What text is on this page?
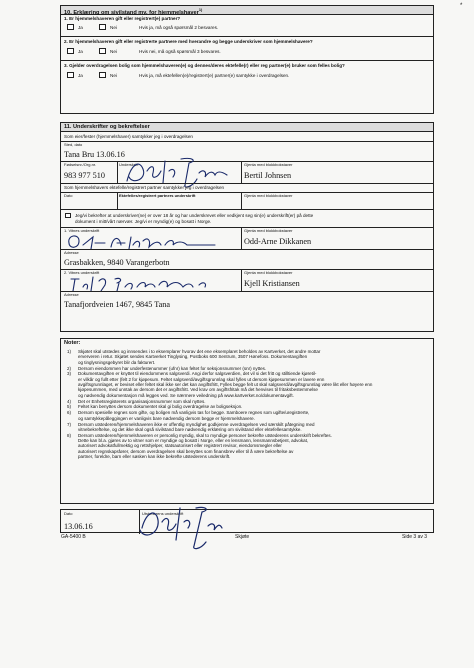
*
10. Erklæring om sivilstand mv. for hjemmelshaver$^{1)}$
1. Er hjemmelshaveren gift eller registrert(e) partner?
Ja	Nei	Hvis ja, må også spørsmål 2 besvares.
2. Er hjemmelshaveren gift eller registrerte partnere med hverandre og begge underskriver som hjemmelshavere?
Ja	Nei	Hvis nei, må også spørsmål 3 besvares.
3. Gjelder overdragelsen bolig som hjemmelshaveren(e) og dennes/deres ektefelle(r) eller reg partner(e) bruker som felles bolig?
Ja	Nei	Hvis ja, må ektefellen(e)/registrert(e) partner(e) samtykke i overdragelsen.
11. Underskrifter og bekreftelser
Som eier/fester (hjemmelshaver) samtykker jeg i overdragelsen
Sted, dato
Tana Bru 13.06.16
Fødselsnr./Org.nr.
983 977 510
Underskrift	Gjenta med blokkbokstaver
Bertil Johnsen
Som hjemmelshavers ektefelle/registrert partner samtykker jeg i overdragelsen
Dato	Ektefelles/registrert partners underskrift	Gjenta med blokkbokstaver
Jeg/vi bekrefter at underskriver(ne) er over 18 år og har underskrevet eller vedkjent seg sin(e) underskrift(er) på dette
dokument i mitt/vårt nærvær. Jeg/vi er myndig(e) og bosatt i Norge.
1. Vitnes underskrift	Gjenta med blokkbokstaver
Odd-Arne Dikkanen
Adresse
Grasbakken, 9840 Varangerbotn
2. Vitnes underskrift	Gjenta med blokkbokstaver
Kjell Kristiansen
Adresse
Tanafjordveien 1467, 9845 Tana
Noter:
1) Skjøtet skal utstedes og innsendes i to eksemplarer hvorav det ene eksemplaret beholdes av Kartverket, det andre mottar
erververen i retur. Skjøtet sendes Kartverket Tinglysing, Postboks 600 Sentrum, 3507 Hønefoss. Dokumentavgiften
og tinglysningsgebyret blir da fakturert.
2) Dersom eiendommen har underfestenummer (ufnr) kan feltet for seksjonsnummer (snr) nyttes.
3) Dokumentavgiften er knyttet til eiendommens salgsverdi. Angi derfor salgsverdien, det vil si det fritt og stilltiende kjøretil-
er vilkår og fullt etter (felt 2 for kjøpesum. Feltet salgsverdi/avgiftsgrunnlag skal fylles ut dersom kjøpesummen er lavere enn
avgiftsgrunnlaget, er beviset eller feltet skal ikke ser det kan avgiftsfritt, Fylles begge felt ut skal salgsverdi/avgiftsgrunnlag være likt eller høyere enn
kjøpesummen, med unntak av dersom det er avgiftsfritt. Ved krav om avgiftsfritak må det henvises til fritaksbestemmelse
og nødvendig dokumentasjon må legges ved. Se nærmere veiledning på www.kartverket.no/dokumentavgift.
4) Det er Enhetsregisterets organisasjonsnummer som skal nyttes.
5) Feltet kan benyttes dersom dokumentet skal gi bolig overdragelse av boligseksjon.
6) Dersom spesielle regnes som gifte, og boligen må vanligvis tas for begge. Samboere regnes som ugifte/uregistrerte,
og samtykkepåleggingen er vanligvis bare nødvendig dersom begge er hjemmelshavere.
7) Dersom utstederen/hjemmelshaveren ikke er offentlig myndighet godkjenne overdragelsen ved særskilt påtegning med
vitnebekreftelse, og det ikke skal også sivilstand bare nødvendig erklæring om sivilstand eller ektefellesamtykke.
8) Dersom utstederen/hjemmelshaveren er personlig myndig, skal to myndige personer bekrefte utstederens underskrift bekreftes.
Dette kan bl.a. gjøres av to vitner som er myndige og bosatt i Norge, eller en lensmann, lensmannsbetjent, advokat,
autorisert advokatfullmektig og rettshjelper, statsautorisert eller registrert revisor, eiendomsmegler eller
autorisert regnskapsfører, dersom overdragelsen skal benyttes som finansbrev eller til å være bekreftelse av
partner, foreldre, barn eller søsken kan ikke bekrefte utstederens underskrift.
Dato
13.06.16
Utstederens underskrift
GA-5400 B	Skjøte	Side 3 av 3
